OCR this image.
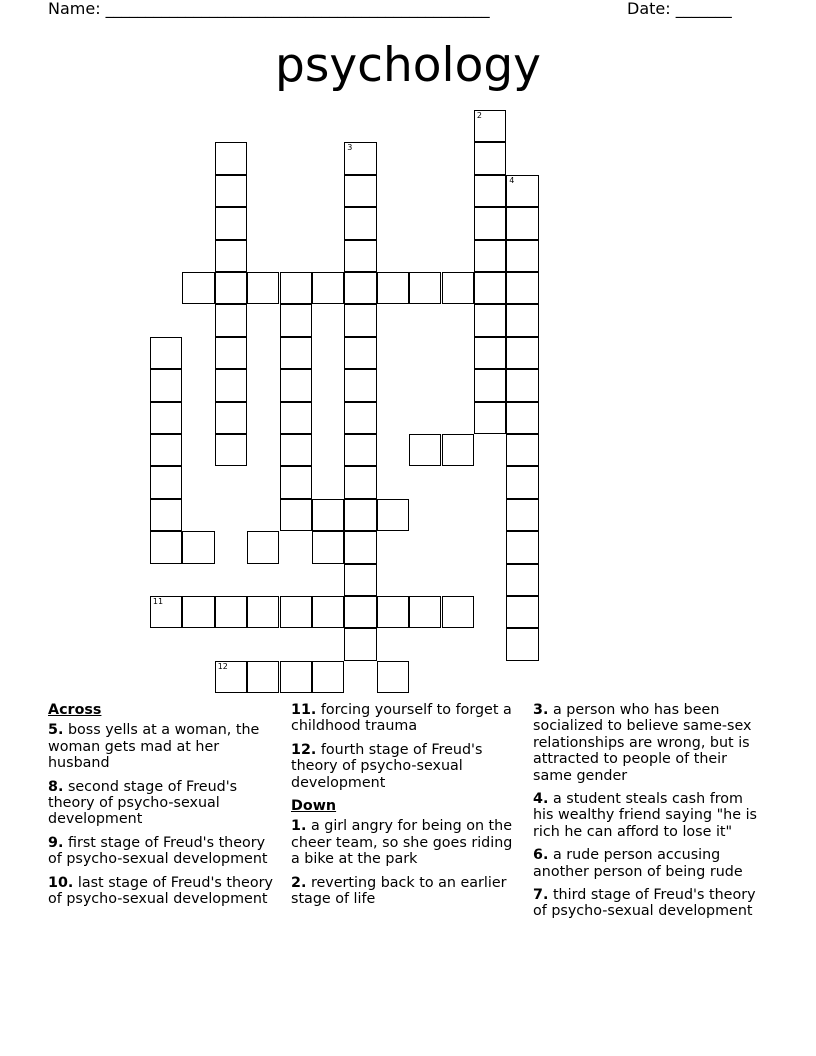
Name: ________________________________________________	Date: _______
psychology
2
4
3
11
12
Across
5. boss yells at a woman, the woman gets mad at her husband
8. second stage of Freud's theory of psycho-sexual development
9. first stage of Freud's theory of psycho-sexual development
10. last stage of Freud's theory of psycho-sexual development
11. forcing yourself to forget a childhood trauma
12. fourth stage of Freud's theory of psycho-sexual development
Down
1. a girl angry for being on the cheer team, so she goes riding a bike at the park
2. reverting back to an earlier stage of life
3. a person who has been socialized to believe same-sex relationships are wrong, but is attracted to people of their same gender
4. a student steals cash from his wealthy friend saying "he is rich he can afford to lose it"
6. a rude person accusing another person of being rude
7. third stage of Freud's theory of psycho-sexual development
